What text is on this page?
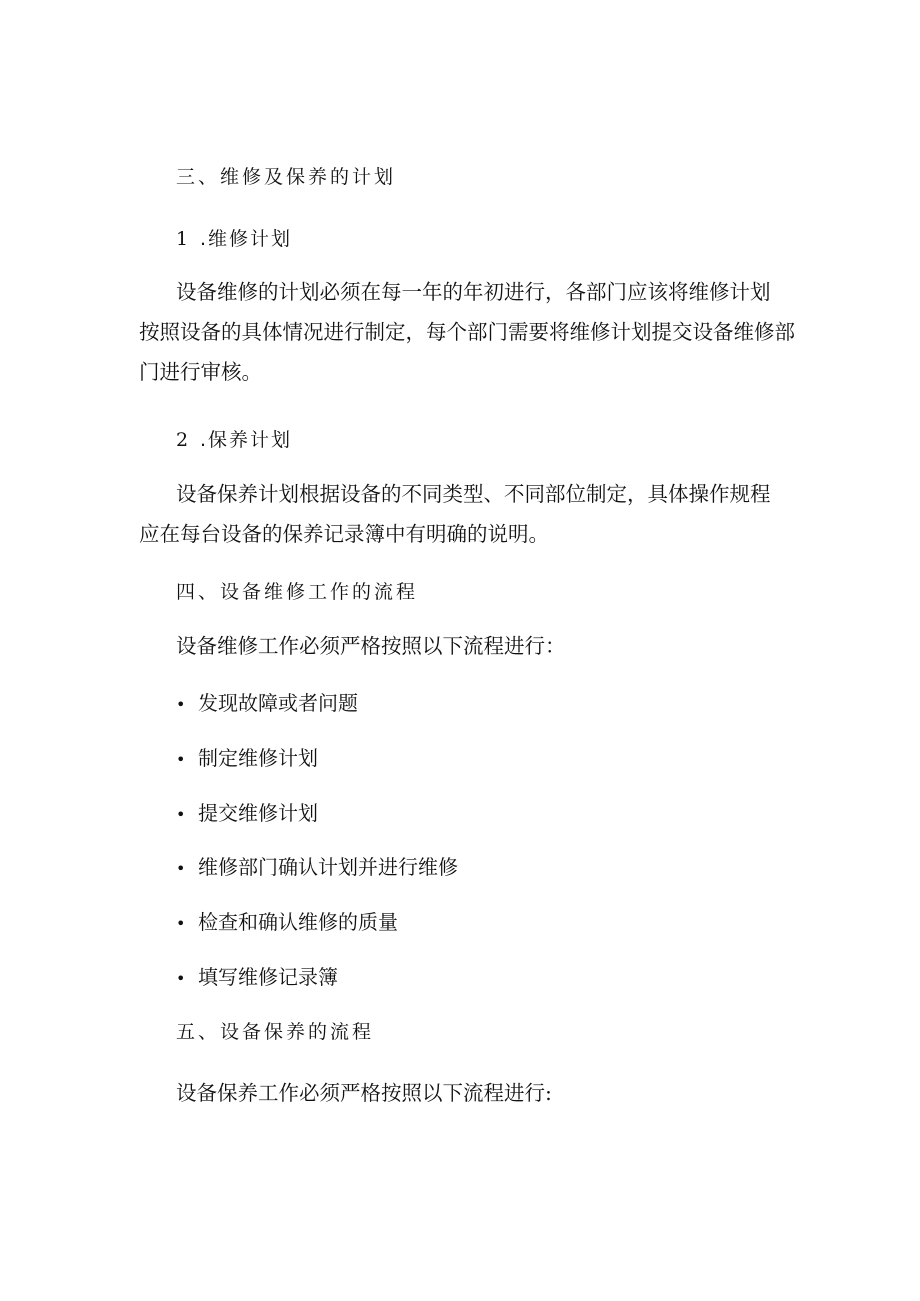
三、维修及保养的计划
1 .维修计划
设备维修的计划必须在每一年的年初进行，各部门应该将维修计划
按照设备的具体情况进行制定，每个部门需要将维修计划提交设备维修部
门进行审核。
2 .保养计划
设备保养计划根据设备的不同类型、不同部位制定，具体操作规程
应在每台设备的保养记录簿中有明确的说明。
四、设备维修工作的流程
设备维修工作必须严格按照以下流程进行：
• 发现故障或者问题
• 制定维修计划
• 提交维修计划
• 维修部门确认计划并进行维修
• 检查和确认维修的质量
• 填写维修记录簿
五、设备保养的流程
设备保养工作必须严格按照以下流程进行:
